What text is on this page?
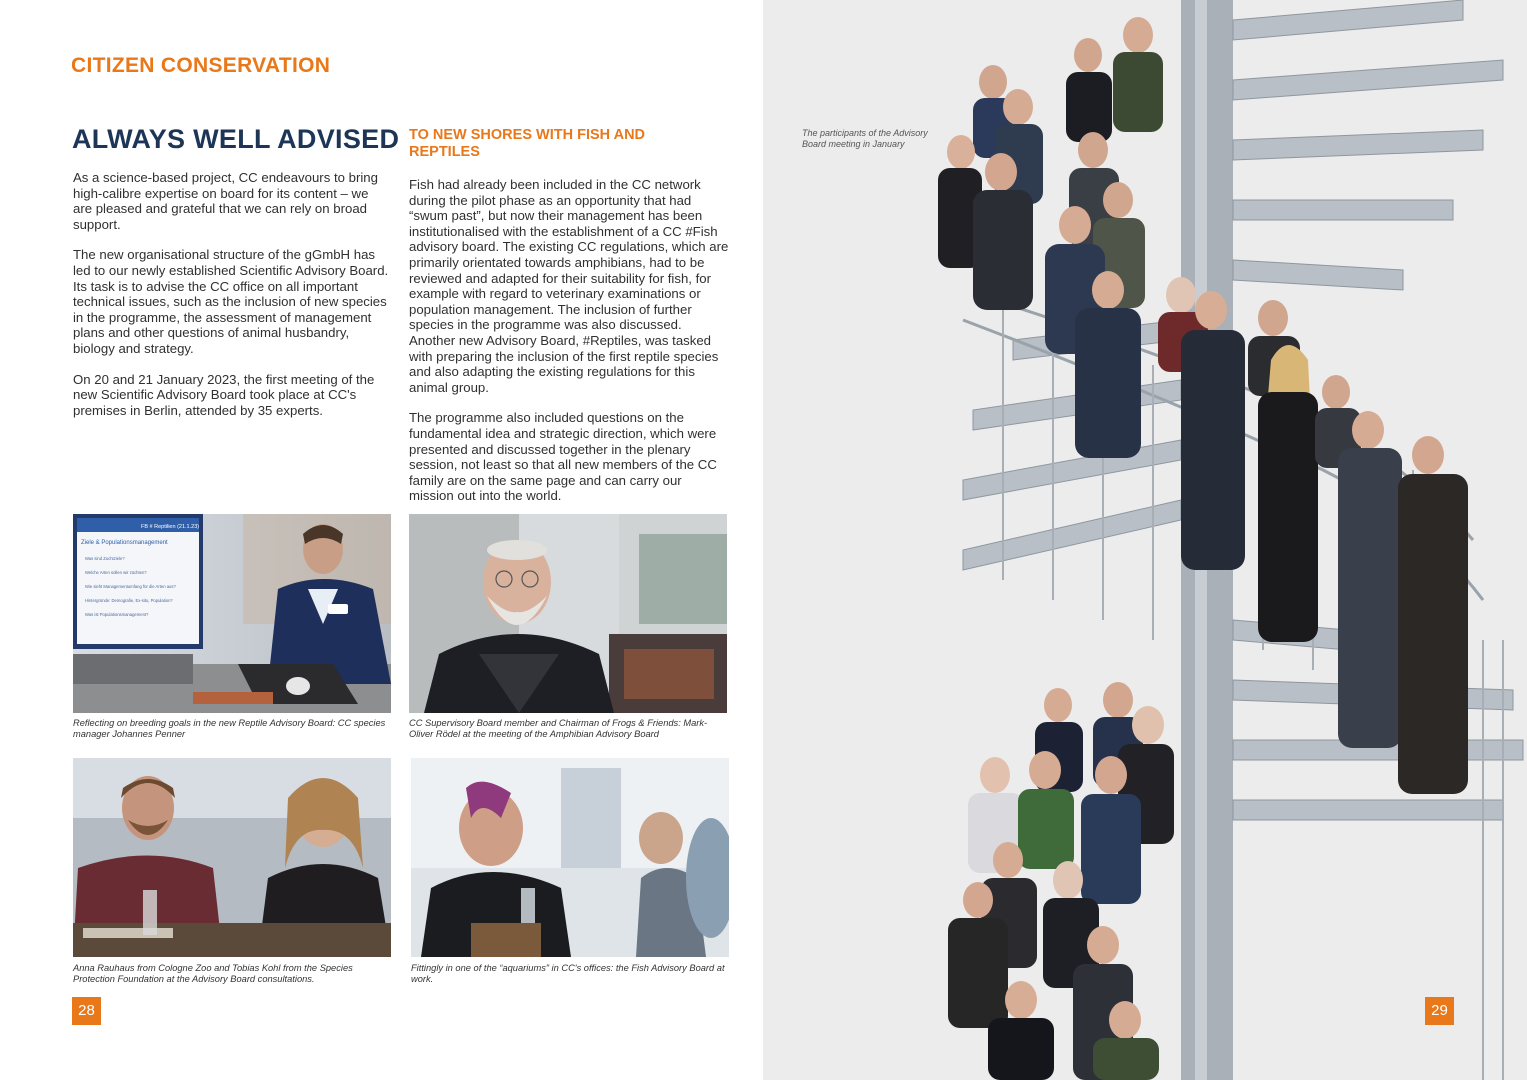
CITIZEN CONSERVATION
ALWAYS WELL ADVISED TO NEW SHORES WITH FISH AND REPTILES

As a science-based project, CC endeavours to bring high-calibre expertise on board for its content – we are pleased and grateful that we can rely on broad support.

The new organisational structure of the gGmbH has led to our newly established Scientific Advisory Board. Its task is to advise the CC office on all important technical issues, such as the inclusion of new species in the programme, the assessment of management plans and other questions of animal husbandry, biology and strategy.

On 20 and 21 January 2023, the first meeting of the new Scientific Advisory Board took place at CC's premises in Berlin, attended by 35 experts.

Fish had already been included in the CC network during the pilot phase as an opportunity that had “swum past”, but now their management has been institutionalised with the establishment of a CC #Fish advisory board. The existing CC regulations, which are primarily orientated towards amphibians, had to be reviewed and adapted for their suitability for fish, for example with regard to veterinary examinations or population management. The inclusion of further species in the programme was also discussed. Another new Advisory Board, #Reptiles, was tasked with preparing the inclusion of the first reptile species and also adapting the existing regulations for this animal group.

The programme also included questions on the fundamental idea and strategic direction, which were presented and discussed together in the plenary session, not least so that all new members of the CC family are on the same page and can carry our mission out into the world.

FB # Reptilien (21.1.23)
Ziele & Populationsmanagement
Was sind Zuchtziele?
Welche Arten sollen wir züchten?
Wie sieht Managementumfang für die Arten aus?
Hintergründe: Demografie, Ex-situ, Population?
Was ist Populationsmanagement?
Reflecting on breeding goals in the new Reptile Advisory Board: CC species manager Johannes Penner
CC Supervisory Board member and Chairman of Frogs & Friends: Mark-Oliver Rödel at the meeting of the Amphibian Advisory Board
Anna Rauhaus from Cologne Zoo and Tobias Kohl from the Species Protection Foundation at the Advisory Board consultations.
Fittingly in one of the “aquariums” in CC's offices: the Fish Advisory Board at work.
28
The participants of the Advisory Board meeting in January
29
